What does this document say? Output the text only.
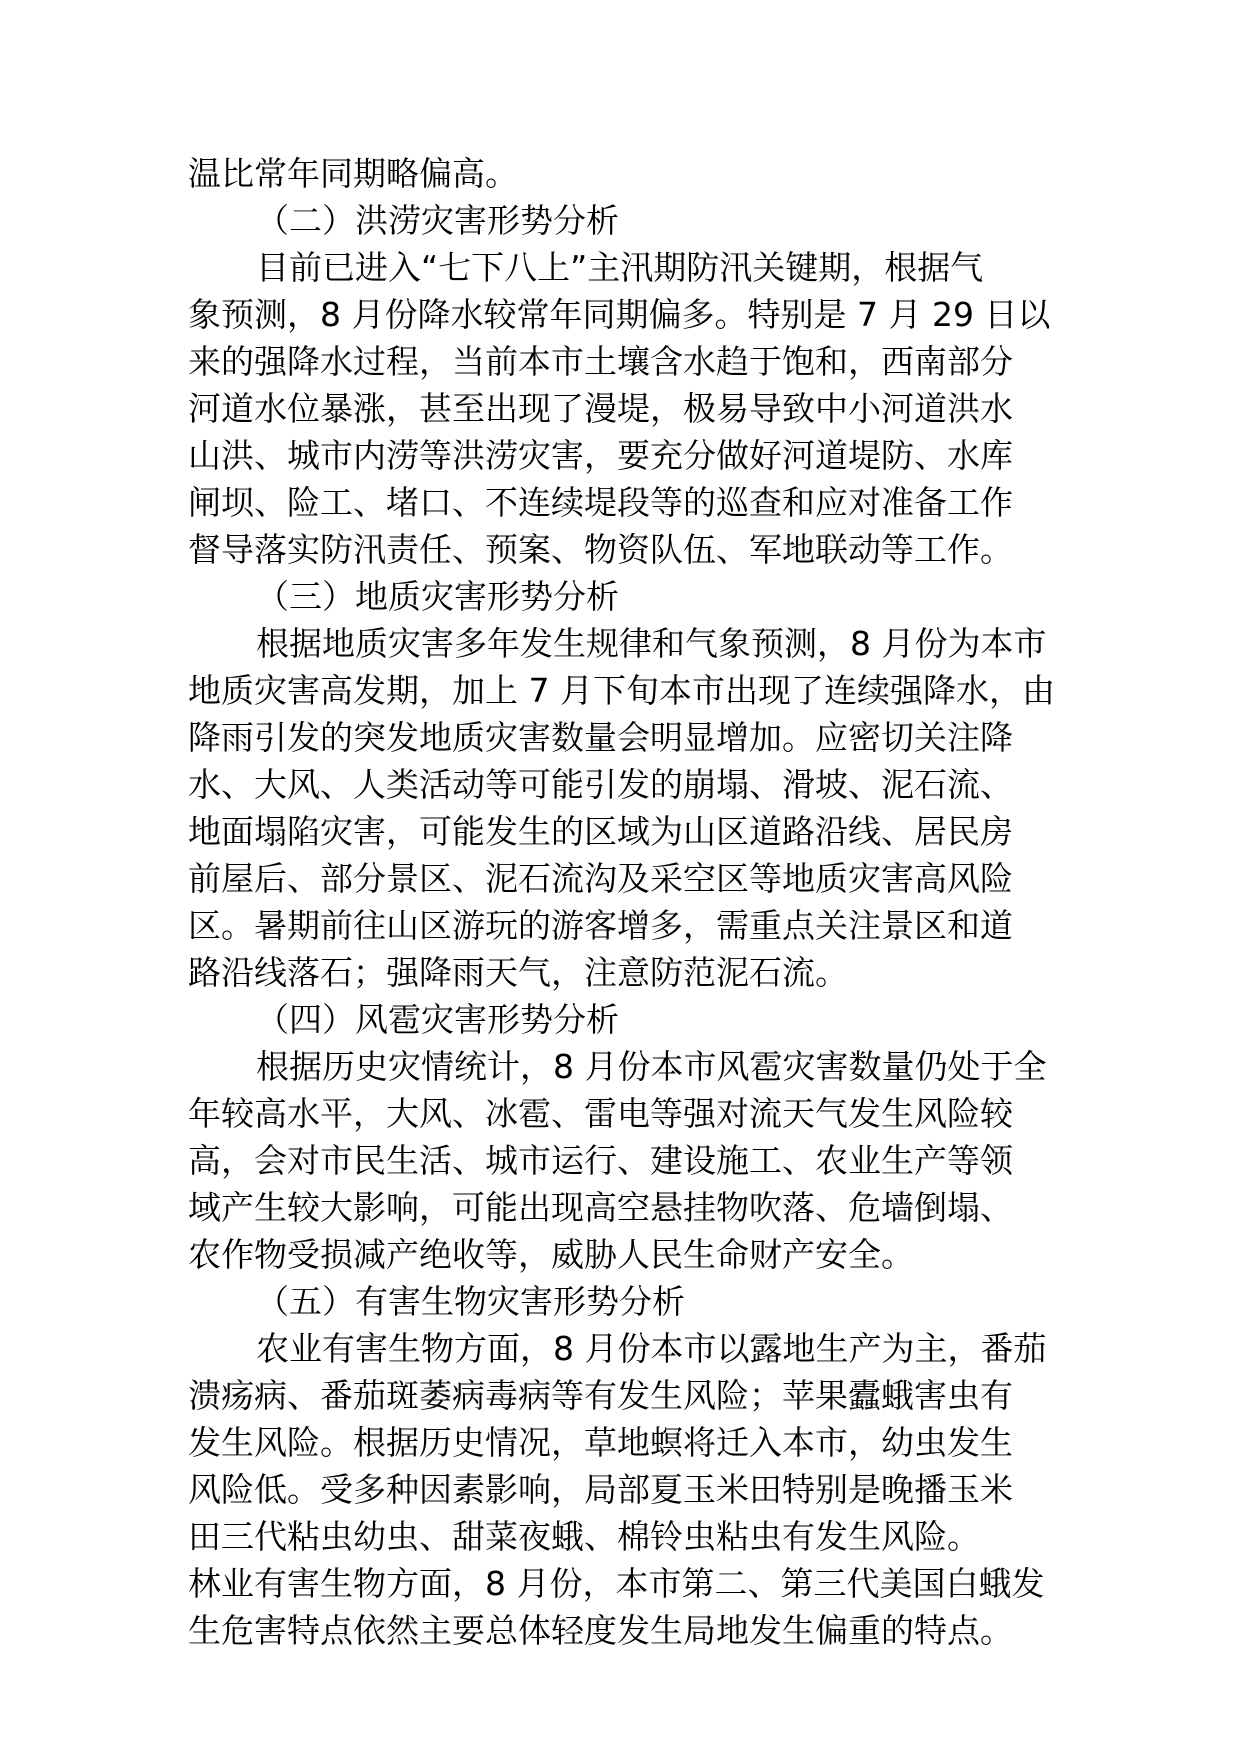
温比常年同期略偏高。
（二）洪涝灾害形势分析
目前已进入“七下八上”主汛期防汛关键期，根据气
象预测，8 月份降水较常年同期偏多。特别是 7 月 29 日以
来的强降水过程，当前本市土壤含水趋于饱和，西南部分
河道水位暴涨，甚至出现了漫堤，极易导致中小河道洪水
山洪、城市内涝等洪涝灾害，要充分做好河道堤防、水库
闸坝、险工、堵口、不连续堤段等的巡查和应对准备工作
督导落实防汛责任、预案、物资队伍、军地联动等工作。
（三）地质灾害形势分析
根据地质灾害多年发生规律和气象预测，8 月份为本市
地质灾害高发期，加上 7 月下旬本市出现了连续强降水，由
降雨引发的突发地质灾害数量会明显增加。应密切关注降
水、大风、人类活动等可能引发的崩塌、滑坡、泥石流、
地面塌陷灾害，可能发生的区域为山区道路沿线、居民房
前屋后、部分景区、泥石流沟及采空区等地质灾害高风险
区。暑期前往山区游玩的游客增多，需重点关注景区和道
路沿线落石；强降雨天气，注意防范泥石流。
（四）风雹灾害形势分析
根据历史灾情统计，8 月份本市风雹灾害数量仍处于全
年较高水平，大风、冰雹、雷电等强对流天气发生风险较
高，会对市民生活、城市运行、建设施工、农业生产等领
域产生较大影响，可能出现高空悬挂物吹落、危墙倒塌、
农作物受损减产绝收等，威胁人民生命财产安全。
（五）有害生物灾害形势分析
农业有害生物方面，8 月份本市以露地生产为主，番茄
溃疡病、番茄斑萎病毒病等有发生风险；苹果蠹蛾害虫有
发生风险。根据历史情况，草地螟将迁入本市，幼虫发生
风险低。受多种因素影响，局部夏玉米田特别是晚播玉米
田三代粘虫幼虫、甜菜夜蛾、棉铃虫粘虫有发生风险。
林业有害生物方面，8 月份，本市第二、第三代美国白蛾发
生危害特点依然主要总体轻度发生局地发生偏重的特点。
